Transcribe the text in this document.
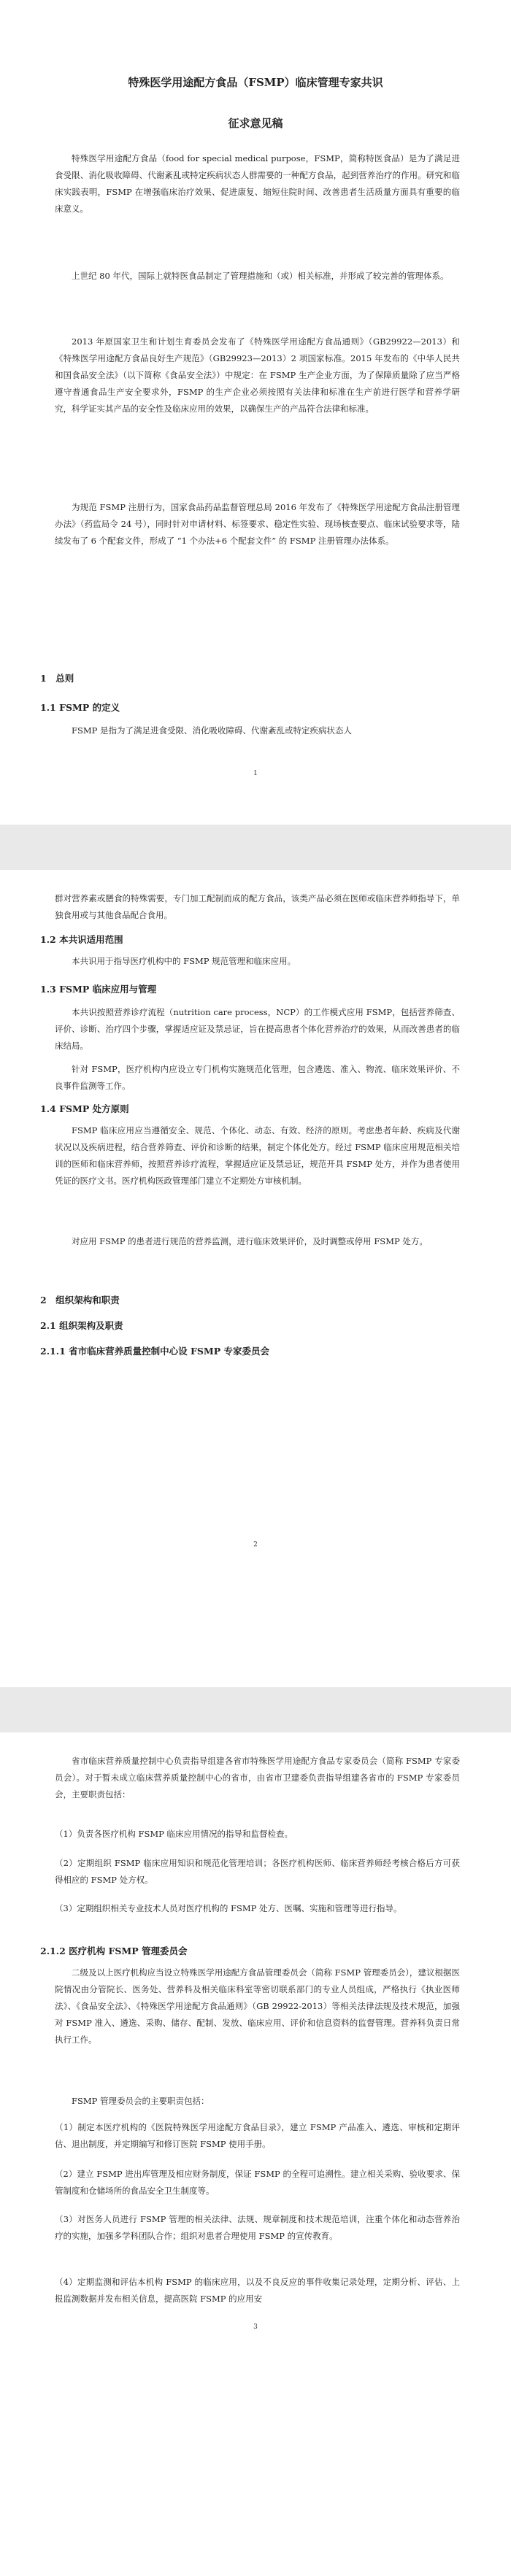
特殊医学用途配方食品（FSMP）临床管理专家共识
征求意见稿

特殊医学用途配方食品（food for special medical purpose，FSMP，简称特医食品）是为了满足进食受限、消化吸收障碍、代谢紊乱或特定疾病状态人群需要的一种配方食品，起到营养治疗的作用。研究和临床实践表明，FSMP 在增强临床治疗效果、促进康复、缩短住院时间、改善患者生活质量方面具有重要的临床意义。

上世纪 80 年代，国际上就特医食品制定了管理措施和（或）相关标准，并形成了较完善的管理体系。

2013 年原国家卫生和计划生育委员会发布了《特殊医学用途配方食品通则》（GB29922—2013）和《特殊医学用途配方食品良好生产规范》（GB29923—2013）2 项国家标准。2015 年发布的《中华人民共和国食品安全法》（以下简称《食品安全法》）中规定：在 FSMP 生产企业方面，为了保障质量除了应当严格遵守普通食品生产安全要求外，FSMP 的生产企业必须按照有关法律和标准在生产前进行医学和营养学研究，科学证实其产品的安全性及临床应用的效果，以确保生产的产品符合法律和标准。

为规范 FSMP 注册行为，国家食品药品监督管理总局 2016 年发布了《特殊医学用途配方食品注册管理办法》（药监局令 24 号），同时针对申请材料、标签要求、稳定性实验、现场核查要点、临床试验要求等，陆续发布了 6 个配套文件，形成了 “1 个办法+6 个配套文件” 的 FSMP 注册管理办法体系。

1　总则
1.1 FSMP 的定义

FSMP 是指为了满足进食受限、消化吸收障碍、代谢紊乱或特定疾病状态人

1

群对营养素或膳食的特殊需要，专门加工配制而成的配方食品，该类产品必须在医师或临床营养师指导下，单独食用或与其他食品配合食用。

1.2 本共识适用范围

本共识用于指导医疗机构中的 FSMP 规范管理和临床应用。

1.3 FSMP 临床应用与管理

本共识按照营养诊疗流程（nutrition care process，NCP）的工作模式应用 FSMP，包括营养筛查、评价、诊断、治疗四个步骤，掌握适应证及禁忌证，旨在提高患者个体化营养治疗的效果，从而改善患者的临床结局。

针对 FSMP，医疗机构内应设立专门机构实施规范化管理，包含遴选、准入、物流、临床效果评价、不良事件监测等工作。

1.4 FSMP 处方原则

FSMP 临床应用应当遵循安全、规范、个体化、动态、有效、经济的原则。考虑患者年龄、疾病及代谢状况以及疾病进程，结合营养筛查、评价和诊断的结果，制定个体化处方。经过 FSMP 临床应用规范相关培训的医师和临床营养师，按照营养诊疗流程，掌握适应证及禁忌证，规范开具 FSMP 处方，并作为患者使用凭证的医疗文书。医疗机构医政管理部门建立不定期处方审核机制。

对应用 FSMP 的患者进行规范的营养监测，进行临床效果评价，及时调整或停用 FSMP 处方。

2　组织架构和职责
2.1 组织架构及职责
2.1.1 省市临床营养质量控制中心设 FSMP 专家委员会
2

省市临床营养质量控制中心负责指导组建各省市特殊医学用途配方食品专家委员会（简称 FSMP 专家委员会）。对于暂未成立临床营养质量控制中心的省市，由省市卫建委负责指导组建各省市的 FSMP 专家委员会，主要职责包括：

（1）负责各医疗机构 FSMP 临床应用情况的指导和监督检查。

（2）定期组织 FSMP 临床应用知识和规范化管理培训；各医疗机构医师、临床营养师经考核合格后方可获得相应的 FSMP 处方权。

（3）定期组织相关专业技术人员对医疗机构的 FSMP 处方、医嘱、实施和管理等进行指导。

2.1.2 医疗机构 FSMP 管理委员会

二级及以上医疗机构应当设立特殊医学用途配方食品管理委员会（简称 FSMP 管理委员会），建议根据医院情况由分管院长、医务处、营养科及相关临床科室等密切联系部门的专业人员组成，严格执行《执业医师法》、《食品安全法》、《特殊医学用途配方食品通则》（GB 29922-2013）等相关法律法规及技术规范，加强对 FSMP 准入、遴选、采购、储存、配制、发放、临床应用、评价和信息资料的监督管理。营养科负责日常执行工作。

FSMP 管理委员会的主要职责包括：

（1）制定本医疗机构的《医院特殊医学用途配方食品目录》，建立 FSMP 产品准入、遴选、审核和定期评估、退出制度，并定期编写和修订医院 FSMP 使用手册。

（2）建立 FSMP 进出库管理及相应财务制度，保证 FSMP 的全程可追溯性。建立相关采购、验收要求、保管制度和仓储场所的食品安全卫生制度等。

（3）对医务人员进行 FSMP 管理的相关法律、法规、规章制度和技术规范培训，注重个体化和动态营养治疗的实施，加强多学科团队合作；组织对患者合理使用 FSMP 的宣传教育。

（4）定期监测和评估本机构 FSMP 的临床应用，以及不良反应的事件收集记录处理，定期分析、评估、上报监测数据并发布相关信息，提高医院 FSMP 的应用安

3
